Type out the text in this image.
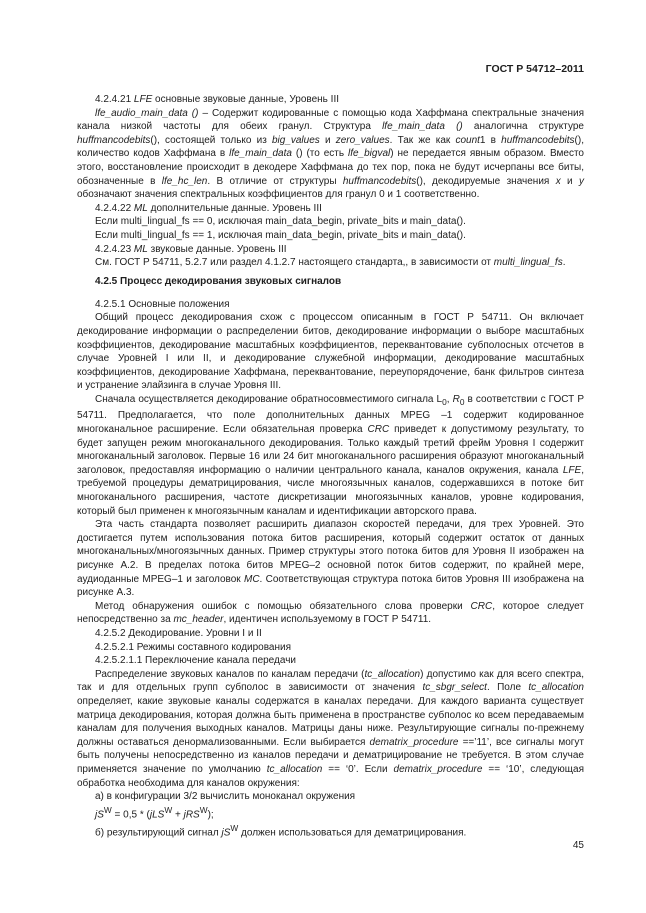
ГОСТ Р 54712–2011

4.2.4.21 LFE основные звуковые данные, Уровень III

lfe_audio_main_data () – Содержит кодированные с помощью кода Хаффмана спектральные значения канала низкой частоты для обеих гранул. Структура lfe_main_data () аналогична структуре huffmancodebits(), состоящей только из big_values и zero_values. Так же как count1 в huffmancodebits(), количество кодов Хаффмана в lfe_main_data () (то есть lfe_bigval) не передается явным образом. Вместо этого, восстановление происходит в декодере Хаффмана до тех пор, пока не будут исчерпаны все биты, обозначенные в lfe_hc_len. В отличие от структуры huffmancodebits(), декодируемые значения x и y обозначают значения спектральных коэффициентов для гранул 0 и 1 соответственно.

4.2.4.22 ML дополнительные данные. Уровень III

Если multi_lingual_fs == 0, исключая main_data_begin, private_bits и main_data().

Если multi_lingual_fs == 1, исключая main_data_begin, private_bits и main_data().

4.2.4.23 ML звуковые данные. Уровень III

См. ГОСТ Р 54711, 5.2.7 или раздел 4.1.2.7 настоящего стандарта,, в зависимости от multi_lingual_fs.

4.2.5 Процесс декодирования звуковых сигналов

4.2.5.1 Основные положения

Общий процесс декодирования схож с процессом описанным в ГОСТ Р 54711. Он включает декодирование информации о распределении битов, декодирование информации о выборе масштабных коэффициентов, декодирование масштабных коэффициентов, переквантование субполосных отсчетов в случае Уровней I или II, и декодирование служебной информации, декодирование масштабных коэффициентов, декодирование Хаффмана, переквантование, переупорядочение, банк фильтров синтеза и устранение элайзинга в случае Уровня III.

Сначала осуществляется декодирование обратносовместимого сигнала $L_0$, $R_0$ в соответствии с ГОСТ Р 54711. Предполагается, что поле дополнительных данных MPEG –1 содержит кодированное многоканальное расширение. Если обязательная проверка CRC приведет к допустимому результату, то будет запущен режим многоканального декодирования. Только каждый третий фрейм Уровня I содержит многоканальный заголовок. Первые 16 или 24 бит многоканального расширения образуют многоканальный заголовок, предоставляя информацию о наличии центрального канала, каналов окружения, канала LFE, требуемой процедуры дематрицирования, числе многоязычных каналов, содержавшихся в потоке бит многоканального расширения, частоте дискретизации многоязычных каналов, уровне кодирования, который был применен к многоязычным каналам и идентификации авторского права.

Эта часть стандарта позволяет расширить диапазон скоростей передачи, для трех Уровней. Это достигается путем использования потока битов расширения, который содержит остаток от данных многоканальных/многоязычных данных. Пример структуры этого потока битов для Уровня II изображен на рисунке А.2. В пределах потока битов MPEG–2 основной поток битов содержит, по крайней мере, аудиоданные MPEG–1 и заголовок MC. Соответствующая структура потока битов Уровня III изображена на рисунке А.3.

Метод обнаружения ошибок с помощью обязательного слова проверки CRC, которое следует непосредственно за mc_header, идентичен используемому в ГОСТ Р 54711.

4.2.5.2 Декодирование. Уровни I и II

4.2.5.2.1 Режимы составного кодирования

4.2.5.2.1.1 Переключение канала передачи

Распределение звуковых каналов по каналам передачи (tc_allocation) допустимо как для всего спектра, так и для отдельных групп субполос в зависимости от значения tc_sbgr_select. Поле tc_allocation определяет, какие звуковые каналы содержатся в каналах передачи. Для каждого варианта существует матрица декодирования, которая должна быть применена в пространстве субполос ко всем передаваемым каналам для получения выходных каналов. Матрицы даны ниже. Результирующие сигналы по-прежнему должны оставаться денормализованными. Если выбирается dematrix_procedure ==’11’, все сигналы могут быть получены непосредственно из каналов передачи и дематрицирование не требуется. В этом случае применяется значение по умолчанию tc_allocation == ‘0’. Если dematrix_procedure == ‘10’, следующая обработка необходима для каналов окружения:

а) в конфигурации 3/2 вычислить моноканал окружения

$jS^W = 0,5 * (jLS^W + jRS^W)$;

б) результирующий сигнал $jS^W$ должен использоваться для дематрицирования.

45
